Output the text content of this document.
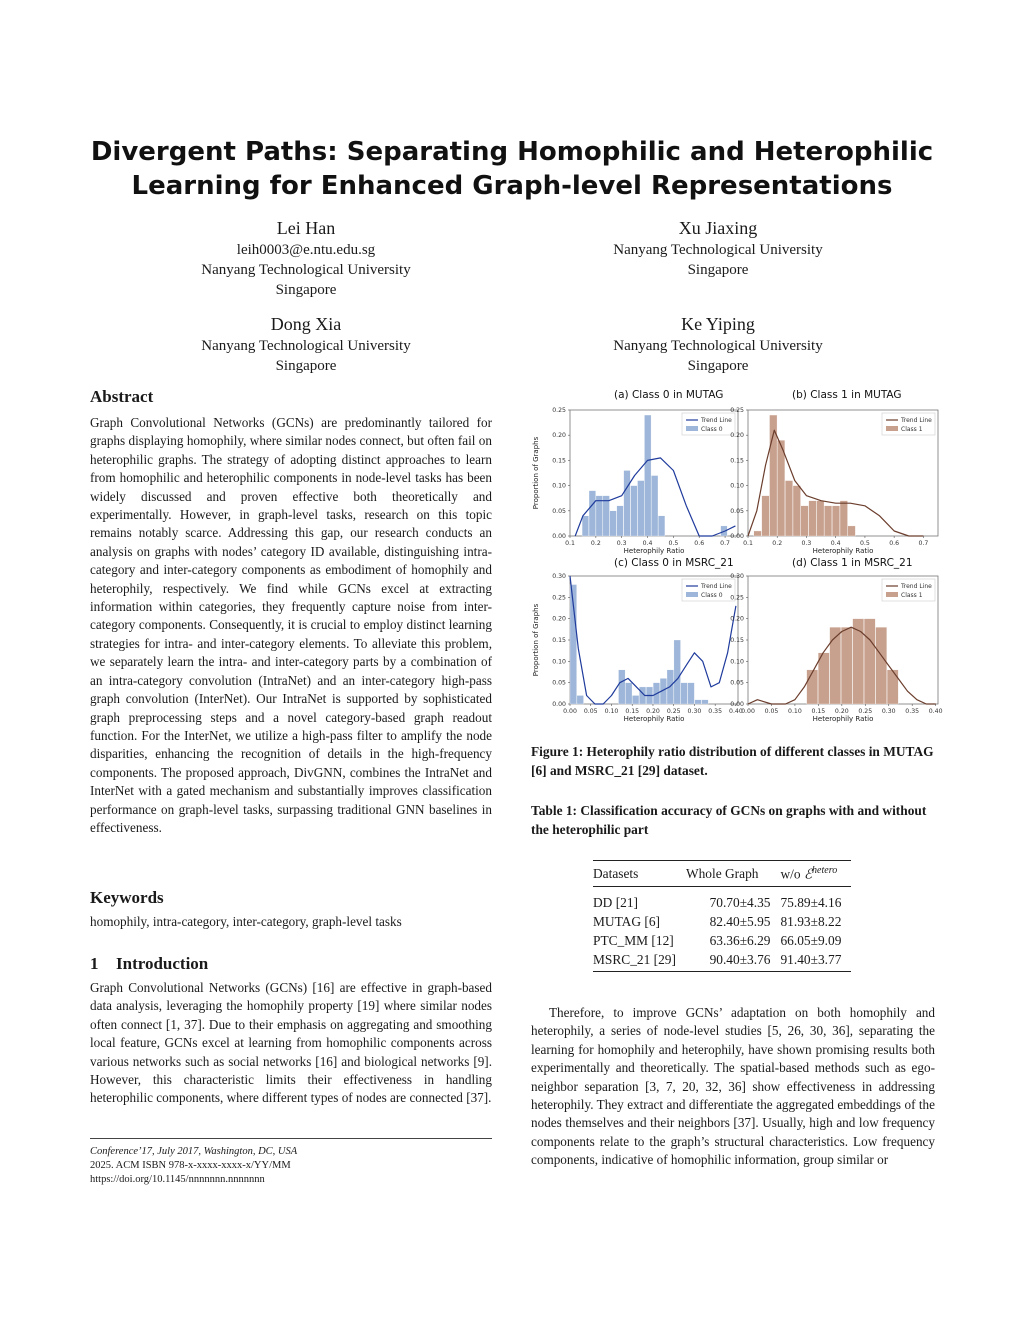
Divergent Paths: Separating Homophilic and Heterophilic
Learning for Enhanced Graph-level Representations
Lei Han
leih0003@e.ntu.edu.sg
Nanyang Technological University
Singapore
Xu Jiaxing
Nanyang Technological University
Singapore
Dong Xia
Nanyang Technological University
Singapore
Ke Yiping
Nanyang Technological University
Singapore
Abstract
Graph Convolutional Networks (GCNs) are predominantly tailored for graphs displaying homophily, where similar nodes connect, but often fail on heterophilic graphs. The strategy of adopting distinct approaches to learn from homophilic and heterophilic components in node-level tasks has been widely discussed and proven effective both theoretically and experimentally. However, in graph-level tasks, research on this topic remains notably scarce. Addressing this gap, our research conducts an analysis on graphs with nodes’ category ID available, distinguishing intra-category and inter-category components as embodiment of homophily and heterophily, respectively. We find while GCNs excel at extracting information within categories, they frequently capture noise from inter-category components. Consequently, it is crucial to employ distinct learning strategies for intra- and inter-category elements. To alleviate this problem, we separately learn the intra- and inter-category parts by a combination of an intra-category convolution (IntraNet) and an inter-category high-pass graph convolution (InterNet). Our IntraNet is supported by sophisticated graph preprocessing steps and a novel category-based graph readout function. For the InterNet, we utilize a high-pass filter to amplify the node disparities, enhancing the recognition of details in the high-frequency components. The proposed approach, DivGNN, combines the IntraNet and InterNet with a gated mechanism and substantially improves classification performance on graph-level tasks, surpassing traditional GNN baselines in effectiveness.
Keywords
homophily, intra-category, inter-category, graph-level tasks
1 Introduction
Graph Convolutional Networks (GCNs) [16] are effective in graph-based data analysis, leveraging the homophily property [19] where similar nodes often connect [1, 37]. Due to their emphasis on aggregating and smoothing local feature, GCNs excel at learning from homophilic components across various networks such as social networks [16] and biological networks [9]. However, this characteristic limits their effectiveness in handling heterophilic components, where different types of nodes are connected [37].
Conference’17, July 2017, Washington, DC, USA
2025. ACM ISBN 978-x-xxxx-xxxx-x/YY/MM
https://doi.org/10.1145/nnnnnnn.nnnnnnn
(a) Class 0 in MUTAG
0.1	0.2	0.3	0.4	0.5	0.6	0.7
0.00
0.05
0.10
0.15
0.20
0.25
Heterophily Ratio
Proportion of Graphs
Trend Line
Class 0
(b) Class 1 in MUTAG
0.1	0.2	0.3	0.4	0.5	0.6	0.7
0.00
0.05
0.10
0.15
0.20
0.25
Heterophily Ratio
Trend Line
Class 1
(c) Class 0 in MSRC_21
0.00 0.05 0.10 0.15 0.20 0.25 0.30 0.35 0.40
0.00
0.05
0.10
0.15
0.20
0.25
0.30
Heterophily Ratio
Proportion of Graphs
Trend Line
Class 0
(d) Class 1 in MSRC_21
0.00 0.05 0.10 0.15 0.20 0.25 0.30 0.35 0.40
0.00
0.05
0.10
0.15
0.20
0.25
0.30
Heterophily Ratio
Trend Line
Class 1
Figure 1: Heterophily ratio distribution of different classes in MUTAG [6] and MSRC_21 [29] dataset.
Table 1: Classification accuracy of GCNs on graphs with and without the heterophilic part
Datasets	Whole Graph	w/o ℰ$^{hetero}$
DD [21]	70.70±4.35	75.89±4.16
MUTAG [6]	82.40±5.95	81.93±8.22
PTC_MM [12]	63.36±6.29	66.05±9.09
MSRC_21 [29]	90.40±3.76	91.40±3.77
Therefore, to improve GCNs’ adaptation on both homophily and heterophily, a series of node-level studies [5, 26, 30, 36], separating the learning for homophily and heterophily, have shown promising results both experimentally and theoretically. The spatial-based methods such as ego-neighbor separation [3, 7, 20, 32, 36] show effectiveness in addressing heterophily. They extract and differentiate the aggregated embeddings of the nodes themselves and their neighbors [37]. Usually, high and low frequency components relate to the graph’s structural characteristics. Low frequency components, indicative of homophilic information, group similar or
